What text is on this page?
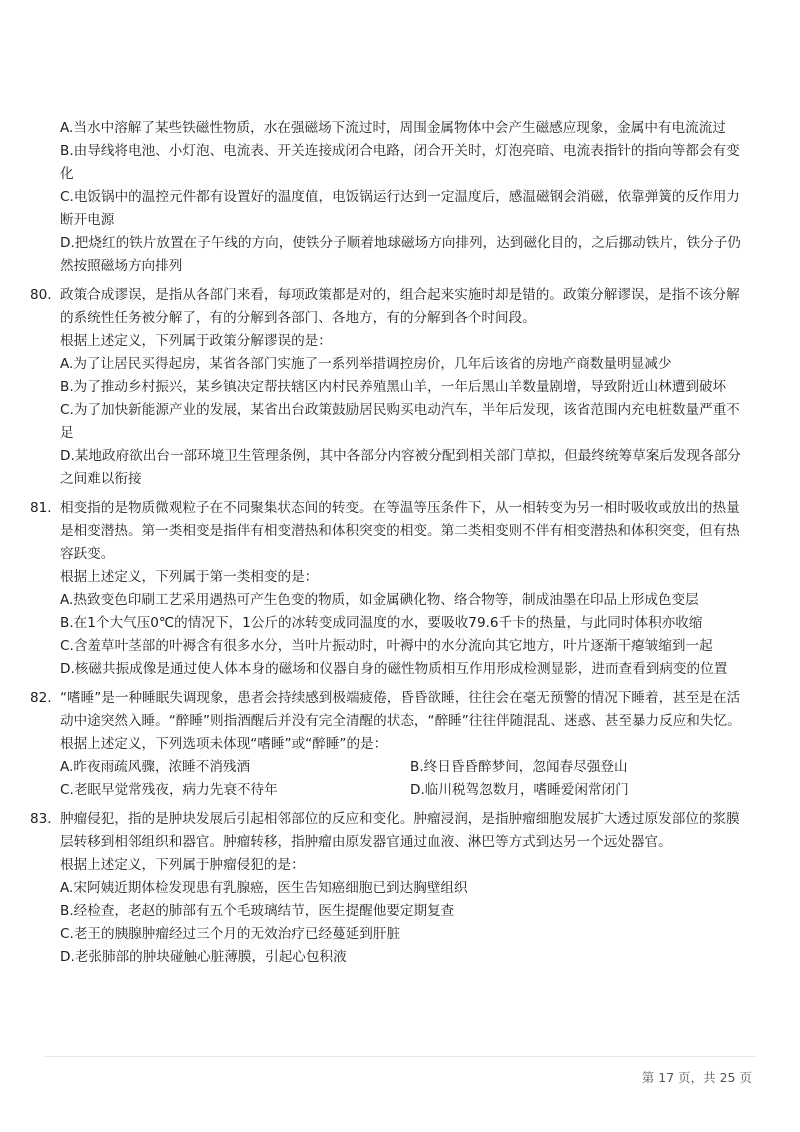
A.当水中溶解了某些铁磁性物质，水在强磁场下流过时，周围金属物体中会产生磁感应现象，金属中有电流流过

B.由导线将电池、小灯泡、电流表、开关连接成闭合电路，闭合开关时，灯泡亮暗、电流表指针的指向等都会有变化

C.电饭锅中的温控元件都有设置好的温度值，电饭锅运行达到一定温度后，感温磁钢会消磁，依靠弹簧的反作用力断开电源

D.把烧红的铁片放置在子午线的方向，使铁分子顺着地球磁场方向排列，达到磁化目的，之后挪动铁片，铁分子仍然按照磁场方向排列

80. 政策合成谬误，是指从各部门来看，每项政策都是对的，组合起来实施时却是错的。政策分解谬误，是指不该分解的系统性任务被分解了，有的分解到各部门、各地方，有的分解到各个时间段。

根据上述定义，下列属于政策分解谬误的是：

A.为了让居民买得起房，某省各部门实施了一系列举措调控房价，几年后该省的房地产商数量明显减少

B.为了推动乡村振兴，某乡镇决定帮扶辖区内村民养殖黑山羊，一年后黑山羊数量剧增，导致附近山林遭到破坏

C.为了加快新能源产业的发展，某省出台政策鼓励居民购买电动汽车，半年后发现，该省范围内充电桩数量严重不足

D.某地政府欲出台一部环境卫生管理条例，其中各部分内容被分配到相关部门草拟，但最终统筹草案后发现各部分之间难以衔接

81. 相变指的是物质微观粒子在不同聚集状态间的转变。在等温等压条件下，从一相转变为另一相时吸收或放出的热量是相变潜热。第一类相变是指伴有相变潜热和体积突变的相变。第二类相变则不伴有相变潜热和体积突变，但有热容跃变。

根据上述定义，下列属于第一类相变的是：

A.热致变色印刷工艺采用遇热可产生色变的物质，如金属碘化物、络合物等，制成油墨在印品上形成色变层

B.在1个大气压0℃的情况下，1公斤的冰转变成同温度的水，要吸收79.6千卡的热量，与此同时体积亦收缩

C.含羞草叶茎部的叶褥含有很多水分，当叶片振动时，叶褥中的水分流向其它地方，叶片逐渐干瘪皱缩到一起

D.核磁共振成像是通过使人体本身的磁场和仪器自身的磁性物质相互作用形成检测显影，进而查看到病变的位置

82. “嗜睡”是一种睡眠失调现象，患者会持续感到极端疲倦，昏昏欲睡，往往会在毫无预警的情况下睡着，甚至是在活动中途突然入睡。“醉睡”则指酒醒后并没有完全清醒的状态，“醉睡”往往伴随混乱、迷惑、甚至暴力反应和失忆。

根据上述定义，下列选项未体现“嗜睡”或“醉睡”的是：

A.昨夜雨疏风骤，浓睡不消残酒	B.终日昏昏醉梦间，忽闻春尽强登山

C.老眠早觉常残夜，病力先衰不待年	D.临川税驾忽数月，嗜睡爱闲常闭门

83. 肿瘤侵犯，指的是肿块发展后引起相邻部位的反应和变化。肿瘤浸润，是指肿瘤细胞发展扩大透过原发部位的浆膜层转移到相邻组织和器官。肿瘤转移，指肿瘤由原发器官通过血液、淋巴等方式到达另一个远处器官。

根据上述定义，下列属于肿瘤侵犯的是：

A.宋阿姨近期体检发现患有乳腺癌，医生告知癌细胞已到达胸壁组织

B.经检查，老赵的肺部有五个毛玻璃结节，医生提醒他要定期复查

C.老王的胰腺肿瘤经过三个月的无效治疗已经蔓延到肝脏

D.老张肺部的肿块碰触心脏薄膜，引起心包积液

第 17 页，共 25 页
